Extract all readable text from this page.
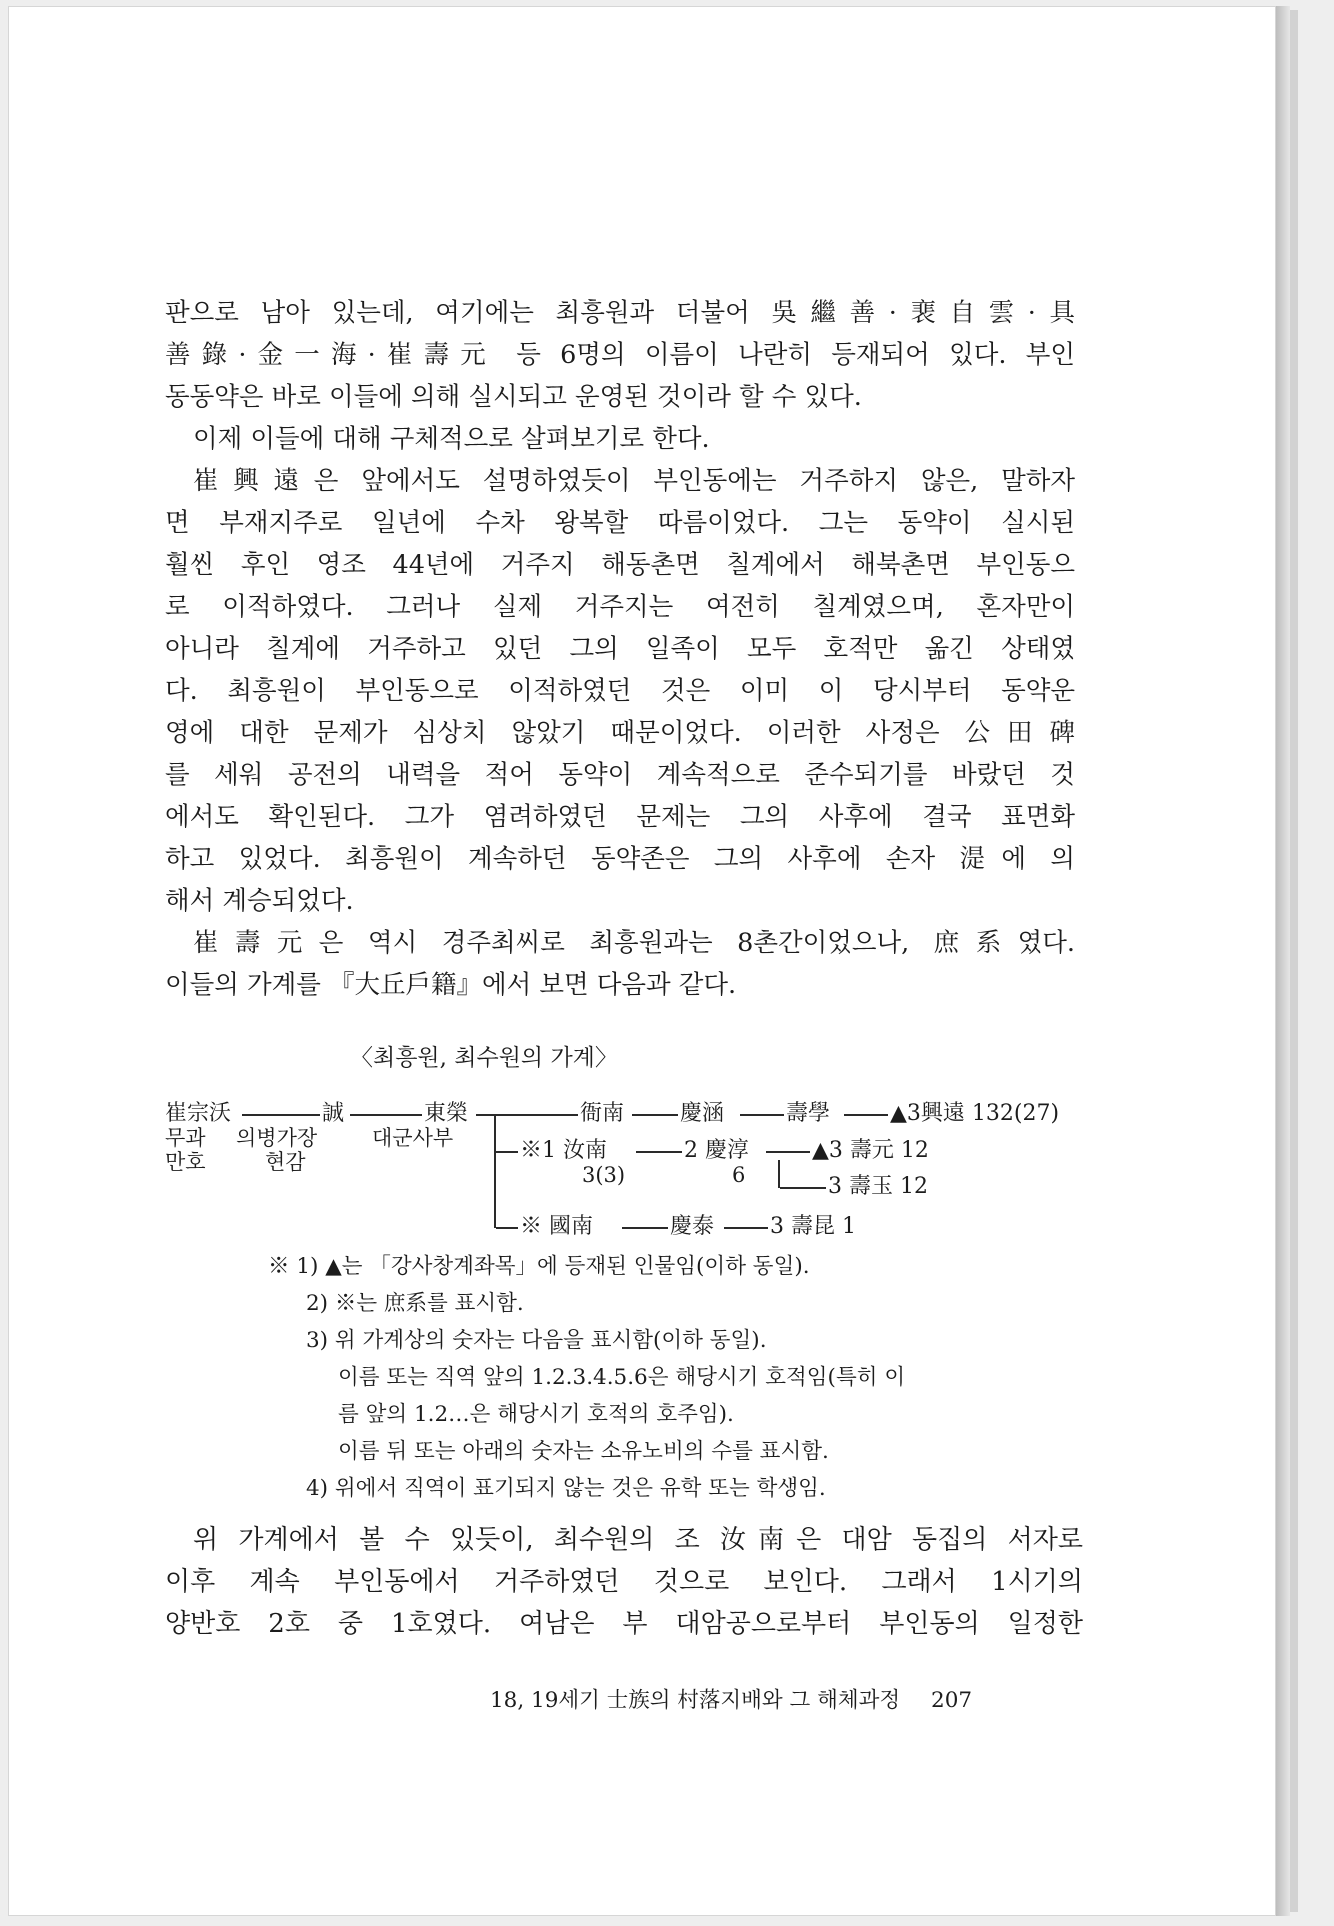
판으로 남아 있는데, 여기에는 최흥원과 더불어 吳繼善·裵自雲·具
善錄·金一海·崔壽元 등 6명의 이름이 나란히 등재되어 있다. 부인
동동약은 바로 이들에 의해 실시되고 운영된 것이라 할 수 있다.
이제 이들에 대해 구체적으로 살펴보기로 한다.
崔興遠은 앞에서도 설명하였듯이 부인동에는 거주하지 않은, 말하자
면 부재지주로 일년에 수차 왕복할 따름이었다. 그는 동약이 실시된
훨씬 후인 영조 44년에 거주지 해동촌면 칠계에서 해북촌면 부인동으
로 이적하였다. 그러나 실제 거주지는 여전히 칠계였으며, 혼자만이
아니라 칠계에 거주하고 있던 그의 일족이 모두 호적만 옮긴 상태였
다. 최흥원이 부인동으로 이적하였던 것은 이미 이 당시부터 동약운
영에 대한 문제가 심상치 않았기 때문이었다. 이러한 사정은 公田碑
를 세워 공전의 내력을 적어 동약이 계속적으로 준수되기를 바랐던 것
에서도 확인된다. 그가 염려하였던 문제는 그의 사후에 결국 표면화
하고 있었다. 최흥원이 계속하던 동약존은 그의 사후에 손자 湜에 의
해서 계승되었다.
崔壽元은 역시 경주최씨로 최흥원과는 8촌간이었으나, 庶系였다.
이들의 가계를 『大丘戶籍』에서 보면 다음과 같다.
〈최흥원, 최수원의 가계〉
崔宗沃
무과
만호
誠
의병가장
현감
東榮
대군사부
衙南	慶涵	壽學	▲3興遠 132(27)
※1 汝南
3(3)
2 慶淳
6
▲3 壽元 12
3 壽玉 12
※ 國南	慶泰	3 壽昆 1
※ 1) ▲는 「강사창계좌목」에 등재된 인물임(이하 동일).
2) ※는 庶系를 표시함.
3) 위 가계상의 숫자는 다음을 표시함(이하 동일).
이름 또는 직역 앞의 1.2.3.4.5.6은 해당시기 호적임(특히 이
름 앞의 1.2…은 해당시기 호적의 호주임).
이름 뒤 또는 아래의 숫자는 소유노비의 수를 표시함.
4) 위에서 직역이 표기되지 않는 것은 유학 또는 학생임.
위 가계에서 볼 수 있듯이, 최수원의 조 汝南은 대암 동집의 서자로
이후 계속 부인동에서 거주하였던 것으로 보인다. 그래서 1시기의
양반호 2호 중 1호였다. 여남은 부 대암공으로부터 부인동의 일정한
18, 19세기 士族의 村落지배와 그 해체과정 207
